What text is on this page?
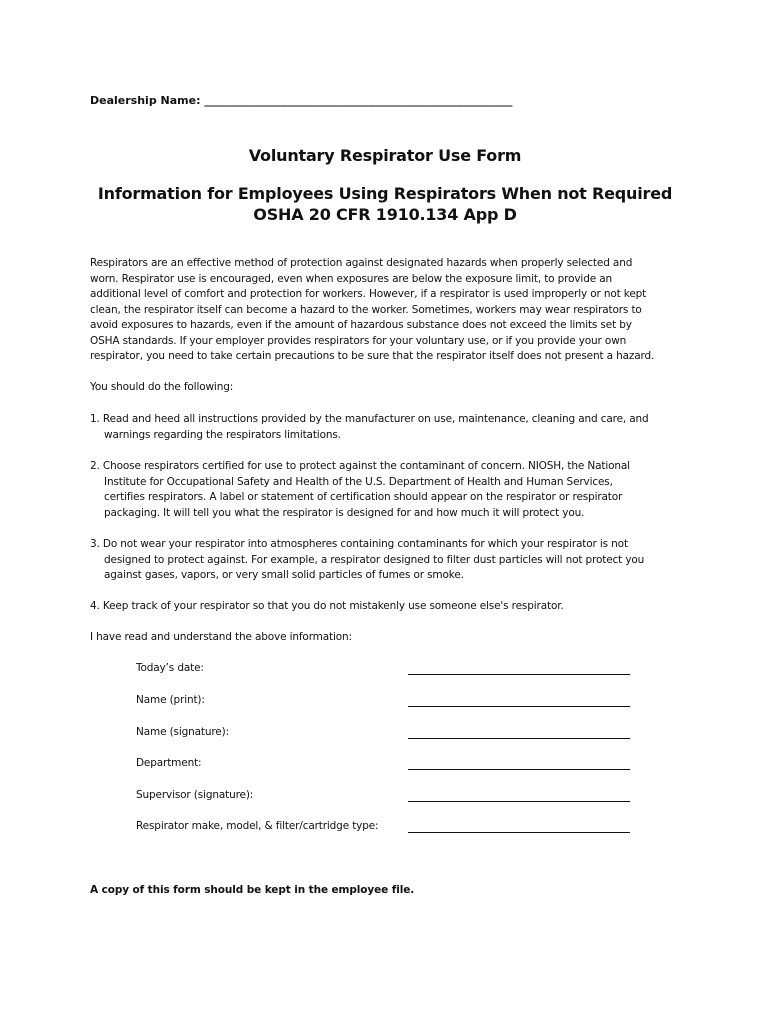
Dealership Name: ________________________________________________________
Voluntary Respirator Use Form
Information for Employees Using Respirators When not Required
OSHA 20 CFR 1910.134 App D
Respirators are an effective method of protection against designated hazards when properly selected and
worn. Respirator use is encouraged, even when exposures are below the exposure limit, to provide an
additional level of comfort and protection for workers. However, if a respirator is used improperly or not kept
clean, the respirator itself can become a hazard to the worker. Sometimes, workers may wear respirators to
avoid exposures to hazards, even if the amount of hazardous substance does not exceed the limits set by
OSHA standards. If your employer provides respirators for your voluntary use, or if you provide your own
respirator, you need to take certain precautions to be sure that the respirator itself does not present a hazard.
You should do the following:
1. Read and heed all instructions provided by the manufacturer on use, maintenance, cleaning and care, and
warnings regarding the respirators limitations.
2. Choose respirators certified for use to protect against the contaminant of concern. NIOSH, the National
Institute for Occupational Safety and Health of the U.S. Department of Health and Human Services,
certifies respirators. A label or statement of certification should appear on the respirator or respirator
packaging. It will tell you what the respirator is designed for and how much it will protect you.
3. Do not wear your respirator into atmospheres containing contaminants for which your respirator is not
designed to protect against. For example, a respirator designed to filter dust particles will not protect you
against gases, vapors, or very small solid particles of fumes or smoke.
4. Keep track of your respirator so that you do not mistakenly use someone else's respirator.
I have read and understand the above information:
Today’s date:
Name (print):
Name (signature):
Department:
Supervisor (signature):
Respirator make, model, & filter/cartridge type:
A copy of this form should be kept in the employee file.
